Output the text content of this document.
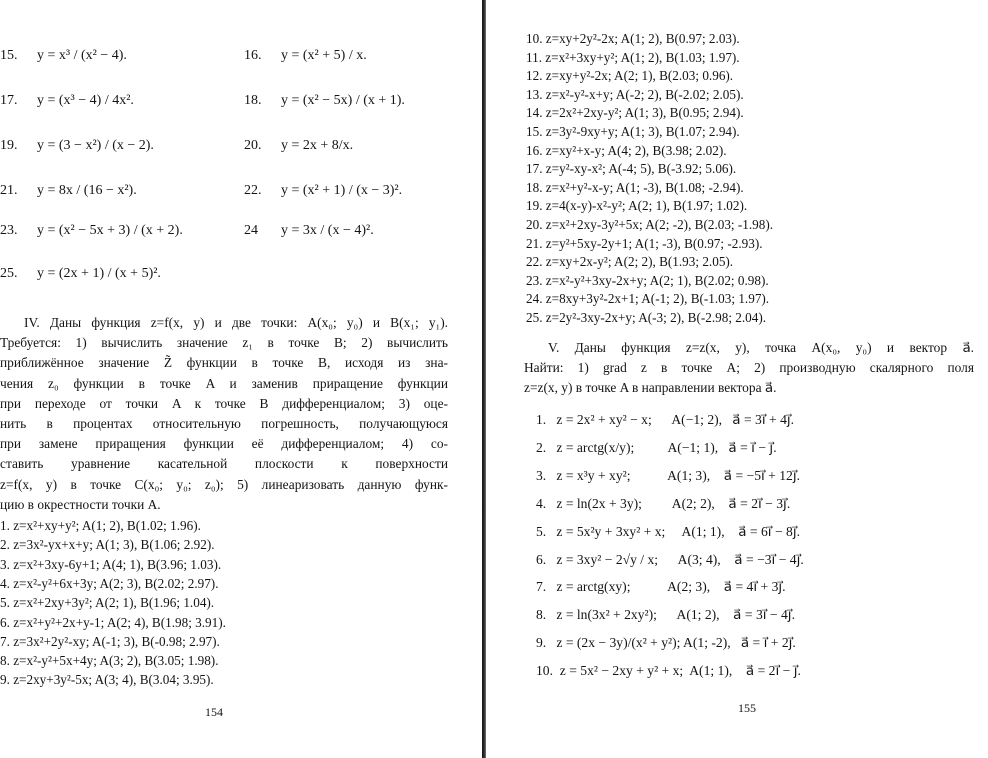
15. y = x³ / (x² − 4).	16. y = (x² + 5) / x.
17. y = (x³ − 4) / 4x².	18. y = (x² − 5x) / (x + 1).
19. y = (3 − x²) / (x − 2).	20. y = 2x + 8/x.
21. y = 8x / (16 − x²).	22. y = (x² + 1) / (x − 3)².
23. y = (x² − 5x + 3) / (x + 2).	24 y = 3x / (x − 4)².
25. y = (2x + 1) / (x + 5)².
IV. Даны функция z=f(x, y) и две точки: A(x₀; y₀) и B(x₁; y₁).
Требуется: 1) вычислить значение z₁ в точке B; 2) вычислить
приближённое значение Z̃ функции в точке B, исходя из зна-
чения z₀ функции в точке A и заменив приращение функции
при переходе от точки A к точке B дифференциалом; 3) оце-
нить в процентах относительную погрешность, получающуюся
при замене приращения функции её дифференциалом; 4) со-
ставить уравнение касательной плоскости к поверхности
z=f(x, y) в точке C(x₀; y₀; z₀); 5) линеаризовать данную функ-
цию в окрестности точки A.
1. z=x²+xy+y²; A(1; 2), B(1.02; 1.96).
2. z=3x²-yx+x+y; A(1; 3), B(1.06; 2.92).
3. z=x²+3xy-6y+1; A(4; 1), B(3.96; 1.03).
4. z=x²-y²+6x+3y; A(2; 3), B(2.02; 2.97).
5. z=x²+2xy+3y²; A(2; 1), B(1.96; 1.04).
6. z=x²+y²+2x+y-1; A(2; 4), B(1.98; 3.91).
7. z=3x²+2y²-xy; A(-1; 3), B(-0.98; 2.97).
8. z=x²-y²+5x+4y; A(3; 2), B(3.05; 1.98).
9. z=2xy+3y²-5x; A(3; 4), B(3.04; 3.95).
154
10. z=xy+2y²-2x; A(1; 2), B(0.97; 2.03).
11. z=x²+3xy+y²; A(1; 2), B(1.03; 1.97).
12. z=xy+y²-2x; A(2; 1), B(2.03; 0.96).
13. z=x²-y²-x+y; A(-2; 2), B(-2.02; 2.05).
14. z=2x²+2xy-y²; A(1; 3), B(0.95; 2.94).
15. z=3y²-9xy+y; A(1; 3), B(1.07; 2.94).
16. z=xy²+x-y; A(4; 2), B(3.98; 2.02).
17. z=y²-xy-x²; A(-4; 5), B(-3.92; 5.06).
18. z=x²+y²-x-y; A(1; -3), B(1.08; -2.94).
19. z=4(x-y)-x²-y²; A(2; 1), B(1.97; 1.02).
20. z=x²+2xy-3y²+5x; A(2; -2), B(2.03; -1.98).
21. z=y²+5xy-2y+1; A(1; -3), B(0.97; -2.93).
22. z=xy+2x-y²; A(2; 2), B(1.93; 2.05).
23. z=x²-y²+3xy-2x+y; A(2; 1), B(2.02; 0.98).
24. z=8xy+3y²-2x+1; A(-1; 2), B(-1.03; 1.97).
25. z=2y²-3xy-2x+y; A(-3; 2), B(-2.98; 2.04).
V. Даны функция z=z(x, y), точка A(x₀, y₀) и вектор a⃗.
Найти: 1) grad z в точке A; 2) производную скалярного поля
z=z(x, y) в точке A в направлении вектора a⃗.
1.   z = 2x² + xy² − x;      A(−1; 2),   a⃗ = 3i⃗ + 4j⃗.
2.   z = arctg(x/y);          A(−1; 1),   a⃗ = i⃗ − j⃗.
3.   z = x³y + xy²;           A(1; 3),    a⃗ = −5i⃗ + 12j⃗.
4.   z = ln(2x + 3y);         A(2; 2),    a⃗ = 2i⃗ − 3j⃗.
5.   z = 5x²y + 3xy² + x;     A(1; 1),    a⃗ = 6i⃗ − 8j⃗.
6.   z = 3xy² − 2√y / x;      A(3; 4),    a⃗ = −3i⃗ − 4j⃗.
7.   z = arctg(xy);           A(2; 3),    a⃗ = 4i⃗ + 3j⃗.
8.   z = ln(3x² + 2xy²);      A(1; 2),    a⃗ = 3i⃗ − 4j⃗.
9.   z = (2x − 3y)/(x² + y²); A(1; -2),   a⃗ = i⃗ + 2j⃗.
10.  z = 5x² − 2xy + y² + x;  A(1; 1),    a⃗ = 2i⃗ − j⃗.
155
